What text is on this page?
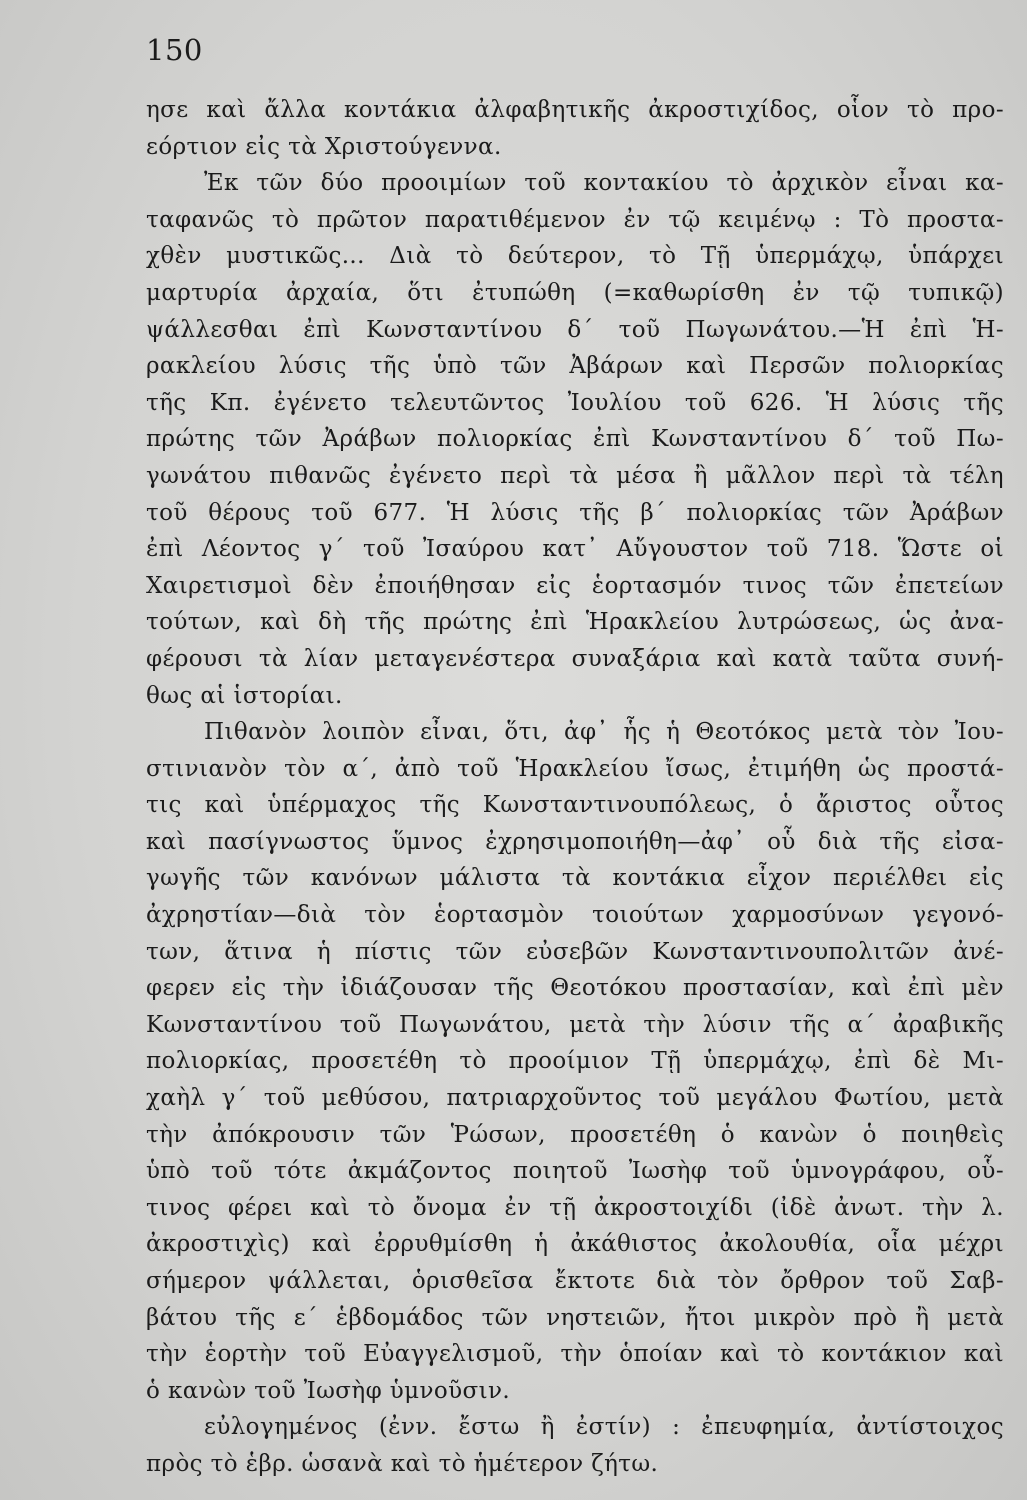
150
ησε καὶ ἄλλα κοντάκια ἀλφαβητικῆς ἀκροστιχίδος, οἷον τὸ προ-
εόρτιον εἰς τὰ Χριστούγεννα.
Ἐκ τῶν δύο προοιμίων τοῦ κοντακίου τὸ ἀρχικὸν εἶναι κα-
ταφανῶς τὸ πρῶτον παρατιθέμενον ἐν τῷ κειμένῳ : Τὸ προστα-
χθὲν μυστικῶς... Διὰ τὸ δεύτερον, τὸ Τῇ ὑπερμάχῳ, ὑπάρχει
μαρτυρία ἀρχαία, ὅτι ἐτυπώθη (=καθωρίσθη ἐν τῷ τυπικῷ)
ψάλλεσθαι ἐπὶ Κωνσταντίνου δ΄ τοῦ Πωγωνάτου.—Ἡ ἐπὶ Ἡ-
ρακλείου λύσις τῆς ὑπὸ τῶν Ἀβάρων καὶ Περσῶν πολιορκίας
τῆς Κπ. ἐγένετο τελευτῶντος Ἰουλίου τοῦ 626. Ἡ λύσις τῆς
πρώτης τῶν Ἀράβων πολιορκίας ἐπὶ Κωνσταντίνου δ΄ τοῦ Πω-
γωνάτου πιθανῶς ἐγένετο περὶ τὰ μέσα ἢ μᾶλλον περὶ τὰ τέλη
τοῦ θέρους τοῦ 677. Ἡ λύσις τῆς β΄ πολιορκίας τῶν Ἀράβων
ἐπὶ Λέοντος γ΄ τοῦ Ἰσαύρου κατ᾽ Αὔγουστον τοῦ 718. Ὥστε οἱ
Χαιρετισμοὶ δὲν ἐποιήθησαν εἰς ἑορτασμόν τινος τῶν ἐπετείων
τούτων, καὶ δὴ τῆς πρώτης ἐπὶ Ἡρακλείου λυτρώσεως, ὡς ἀνα-
φέρουσι τὰ λίαν μεταγενέστερα συναξάρια καὶ κατὰ ταῦτα συνή-
θως αἱ ἱστορίαι.
Πιθανὸν λοιπὸν εἶναι, ὅτι, ἀφ᾽ ἧς ἡ Θεοτόκος μετὰ τὸν Ἰου-
στινιανὸν τὸν α΄, ἀπὸ τοῦ Ἡρακλείου ἴσως, ἐτιμήθη ὡς προστά-
τις καὶ ὑπέρμαχος τῆς Κωνσταντινουπόλεως, ὁ ἄριστος οὗτος
καὶ πασίγνωστος ὕμνος ἐχρησιμοποιήθη—ἀφ᾽ οὗ διὰ τῆς εἰσα-
γωγῆς τῶν κανόνων μάλιστα τὰ κοντάκια εἶχον περιέλθει εἰς
ἀχρηστίαν—διὰ τὸν ἑορτασμὸν τοιούτων χαρμοσύνων γεγονό-
των, ἅτινα ἡ πίστις τῶν εὐσεβῶν Κωνσταντινουπολιτῶν ἀνέ-
φερεν εἰς τὴν ἰδιάζουσαν τῆς Θεοτόκου προστασίαν, καὶ ἐπὶ μὲν
Κωνσταντίνου τοῦ Πωγωνάτου, μετὰ τὴν λύσιν τῆς α΄ ἀραβικῆς
πολιορκίας, προσετέθη τὸ προοίμιον Τῇ ὑπερμάχῳ, ἐπὶ δὲ Μι-
χαὴλ γ΄ τοῦ μεθύσου, πατριαρχοῦντος τοῦ μεγάλου Φωτίου, μετὰ
τὴν ἀπόκρουσιν τῶν Ῥώσων, προσετέθη ὁ κανὼν ὁ ποιηθεὶς
ὑπὸ τοῦ τότε ἀκμάζοντος ποιητοῦ Ἰωσὴφ τοῦ ὑμνογράφου, οὗ-
τινος φέρει καὶ τὸ ὄνομα ἐν τῇ ἀκροστοιχίδι (ἰδὲ ἀνωτ. τὴν λ.
ἀκροστιχὶς) καὶ ἐρρυθμίσθη ἡ ἀκάθιστος ἀκολουθία, οἷα μέχρι
σήμερον ψάλλεται, ὁρισθεῖσα ἔκτοτε διὰ τὸν ὄρθρον τοῦ Σαβ-
βάτου τῆς ε΄ ἑβδομάδος τῶν νηστειῶν, ἤτοι μικρὸν πρὸ ἢ μετὰ
τὴν ἑορτὴν τοῦ Εὐαγγελισμοῦ, τὴν ὁποίαν καὶ τὸ κοντάκιον καὶ
ὁ κανὼν τοῦ Ἰωσὴφ ὑμνοῦσιν.
εὐλογημένος (ἐνν. ἔστω ἢ ἐστίν) : ἐπευφημία, ἀντίστοιχος
πρὸς τὸ ἑβρ. ὡσανὰ καὶ τὸ ἡμέτερον ζήτω.
